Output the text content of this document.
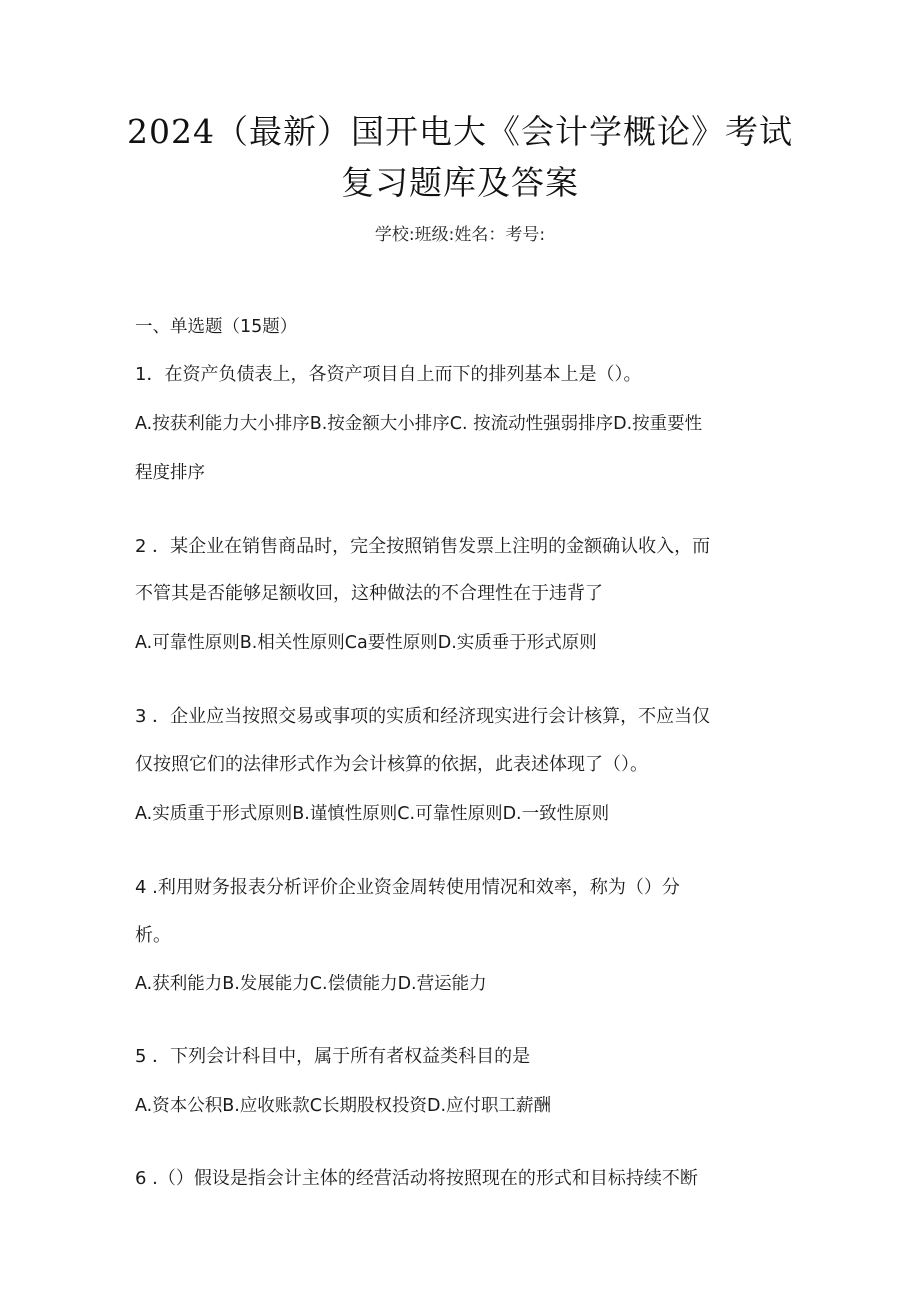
2024（最新）国开电大《会计学概论》考试
复习题库及答案
学校:班级:姓名：考号:
一、单选题（15题）
1．在资产负债表上，各资产项目自上而下的排列基本上是（）。
A.按获利能力大小排序B.按金额大小排序C. 按流动性强弱排序D.按重要性
程度排序
2 ．某企业在销售商品时，完全按照销售发票上注明的金额确认收入，而
不管其是否能够足额收回，这种做法的不合理性在于违背了
A.可靠性原则B.相关性原则Ca要性原则D.实质垂于形式原则
3 ．企业应当按照交易或事项的实质和经济现实进行会计核算，不应当仅
仅按照它们的法律形式作为会计核算的依据，此表述体现了（）。
A.实质重于形式原则B.谨慎性原则C.可靠性原则D.一致性原则
4 .利用财务报表分析评价企业资金周转使用情况和效率，称为（）分
析。
A.获利能力B.发展能力C.偿债能力D.营运能力
5 ．下列会计科目中，属于所有者权益类科目的是
A.资本公积B.应收账款C长期股权投资D.应付职工薪酬
6 .（）假设是指会计主体的经营活动将按照现在的形式和目标持续不断
